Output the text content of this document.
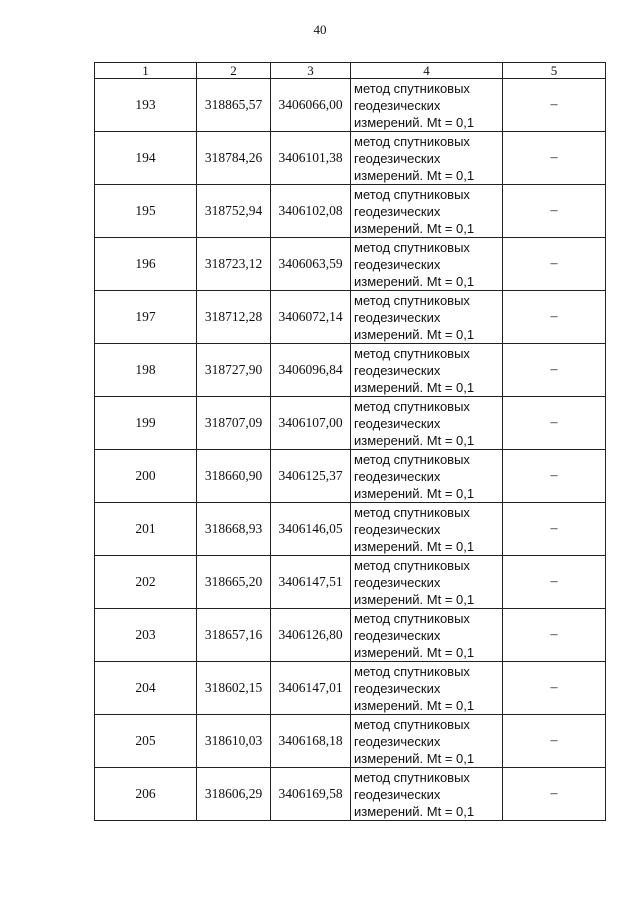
40
1	2	3	4	5
193	318865,57	3406066,00	метод спутниковых
геодезических
измерений. Mt = 0,1	–
194	318784,26	3406101,38	метод спутниковых
геодезических
измерений. Mt = 0,1	–
195	318752,94	3406102,08	метод спутниковых
геодезических
измерений. Mt = 0,1	–
196	318723,12	3406063,59	метод спутниковых
геодезических
измерений. Mt = 0,1	–
197	318712,28	3406072,14	метод спутниковых
геодезических
измерений. Mt = 0,1	–
198	318727,90	3406096,84	метод спутниковых
геодезических
измерений. Mt = 0,1	–
199	318707,09	3406107,00	метод спутниковых
геодезических
измерений. Mt = 0,1	–
200	318660,90	3406125,37	метод спутниковых
геодезических
измерений. Mt = 0,1	–
201	318668,93	3406146,05	метод спутниковых
геодезических
измерений. Mt = 0,1	–
202	318665,20	3406147,51	метод спутниковых
геодезических
измерений. Mt = 0,1	–
203	318657,16	3406126,80	метод спутниковых
геодезических
измерений. Mt = 0,1	–
204	318602,15	3406147,01	метод спутниковых
геодезических
измерений. Mt = 0,1	–
205	318610,03	3406168,18	метод спутниковых
геодезических
измерений. Mt = 0,1	–
206	318606,29	3406169,58	метод спутниковых
геодезических
измерений. Mt = 0,1	–
